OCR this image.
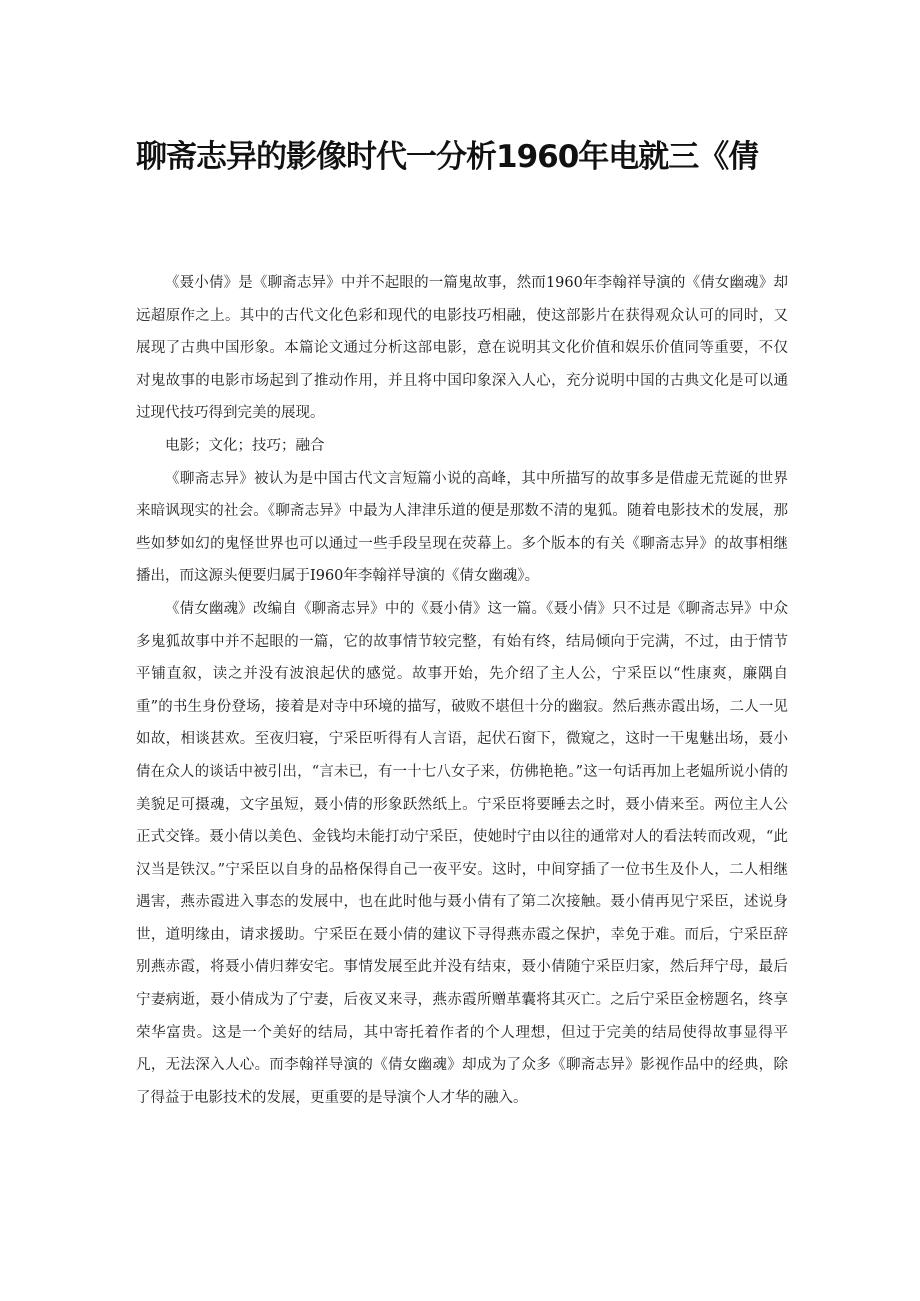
聊斋志异的影像时代一分析1960年电就三《倩

《聂小倩》是《聊斋志异》中并不起眼的一篇鬼故事，然而1960年李翰祥导演的《倩女幽魂》却远超原作之上。其中的古代文化色彩和现代的电影技巧相融，使这部影片在获得观众认可的同时，又展现了古典中国形象。本篇论文通过分析这部电影，意在说明其文化价值和娱乐价值同等重要，不仅对鬼故事的电影市场起到了推动作用，并且将中国印象深入人心，充分说明中国的古典文化是可以通过现代技巧得到完美的展现。

电影；文化；技巧；融合

《聊斋志异》被认为是中国古代文言短篇小说的高峰，其中所描写的故事多是借虚无荒诞的世界来暗讽现实的社会。《聊斋志异》中最为人津津乐道的便是那数不清的鬼狐。随着电影技术的发展，那些如梦如幻的鬼怪世界也可以通过一些手段呈现在荧幕上。多个版本的有关《聊斋志异》的故事相继播出，而这源头便要归属于I960年李翰祥导演的《倩女幽魂》。

《倩女幽魂》改编自《聊斋志异》中的《聂小倩》这一篇。《聂小倩》只不过是《聊斋志异》中众多鬼狐故事中并不起眼的一篇，它的故事情节较完整，有始有终，结局倾向于完满，不过，由于情节平铺直叙，读之并没有波浪起伏的感觉。故事开始，先介绍了主人公，宁采臣以“性康爽，廉隅自重”的书生身份登场，接着是对寺中环境的描写，破败不堪但十分的幽寂。然后燕赤霞出场，二人一见如故，相谈甚欢。至夜归寝，宁采臣听得有人言语，起伏石窗下，微窥之，这时一干鬼魅出场，聂小倩在众人的谈话中被引出，“言未已，有一十七八女子来，仿佛艳艳。”这一句话再加上老媪所说小倩的美貌足可摄魂，文字虽短，聂小倩的形象跃然纸上。宁采臣将要睡去之时，聂小倩来至。两位主人公正式交锋。聂小倩以美色、金钱均未能打动宁采臣，使她时宁由以往的通常对人的看法转而改观，“此汉当是铁汉。”宁采臣以自身的品格保得自己一夜平安。这时，中间穿插了一位书生及仆人，二人相继遇害，燕赤霞进入事态的发展中，也在此时他与聂小倩有了第二次接触。聂小倩再见宁采臣，述说身世，道明缘由，请求援助。宁采臣在聂小倩的建议下寻得燕赤霞之保护，幸免于难。而后，宁采臣辞别燕赤霞，将聂小倩归葬安宅。事情发展至此并没有结束，聂小倩随宁采臣归家，然后拜宁母，最后宁妻病逝，聂小倩成为了宁妻，后夜叉来寻，燕赤霞所赠革囊将其灭亡。之后宁采臣金榜题名，终享荣华富贵。这是一个美好的结局，其中寄托着作者的个人理想，但过于完美的结局使得故事显得平凡，无法深入人心。而李翰祥导演的《倩女幽魂》却成为了众多《聊斋志异》影视作品中的经典，除了得益于电影技术的发展，更重要的是导演个人才华的融入。
